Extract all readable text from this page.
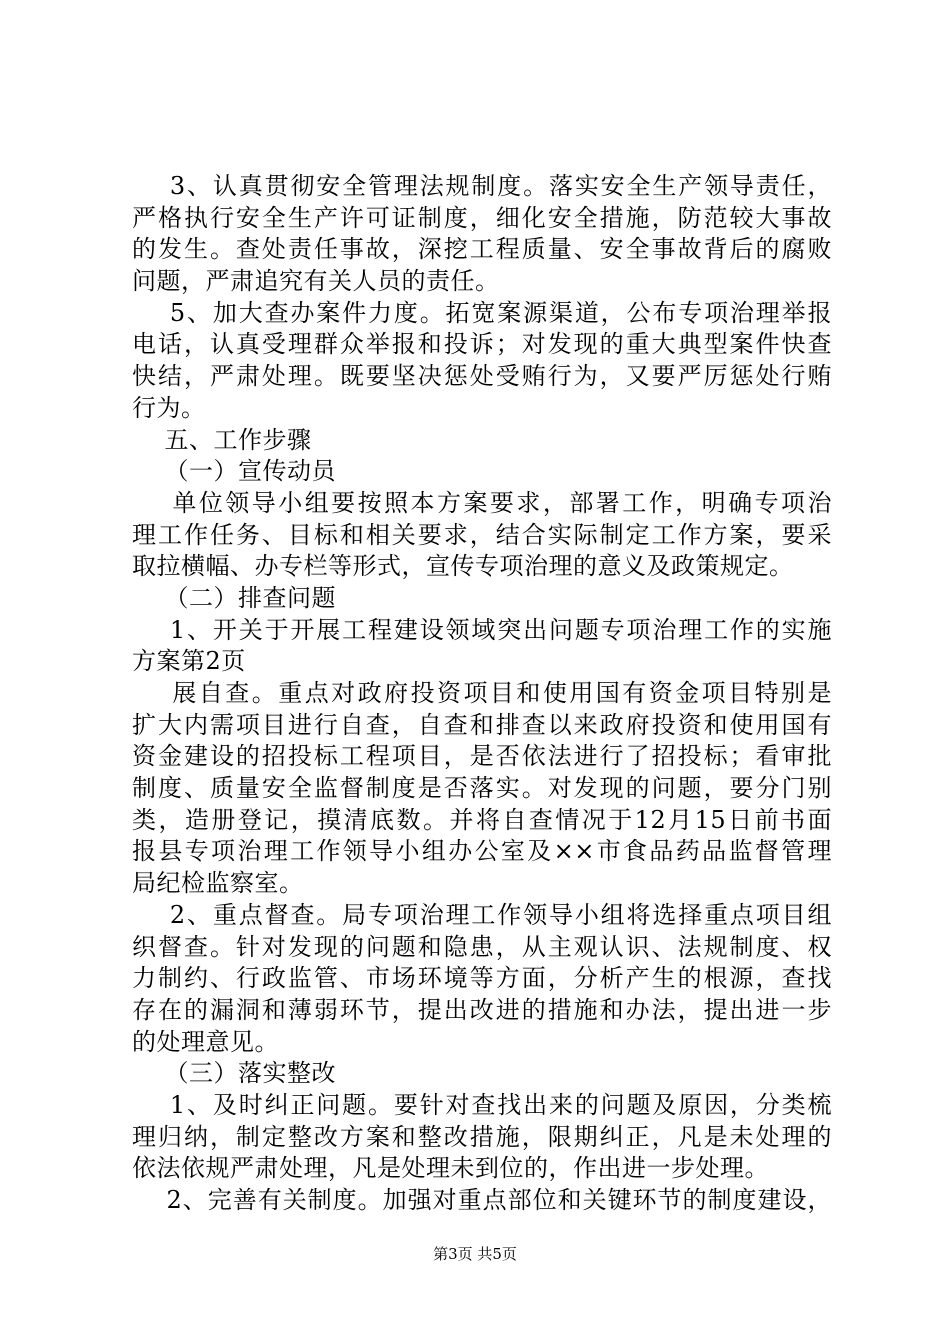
3、认真贯彻安全管理法规制度。落实安全生产领导责任，
严格执行安全生产许可证制度，细化安全措施，防范较大事故
的发生。查处责任事故，深挖工程质量、安全事故背后的腐败
问题，严肃追究有关人员的责任。
5、加大查办案件力度。拓宽案源渠道，公布专项治理举报
电话，认真受理群众举报和投诉；对发现的重大典型案件快查
快结，严肃处理。既要坚决惩处受贿行为，又要严厉惩处行贿
行为。
五、工作步骤
（一）宣传动员
单位领导小组要按照本方案要求，部署工作，明确专项治
理工作任务、目标和相关要求，结合实际制定工作方案，要采
取拉横幅、办专栏等形式，宣传专项治理的意义及政策规定。
（二）排查问题
1、开关于开展工程建设领域突出问题专项治理工作的实施
方案第2页
展自查。重点对政府投资项目和使用国有资金项目特别是
扩大内需项目进行自查，自查和排查以来政府投资和使用国有
资金建设的招投标工程项目，是否依法进行了招投标；看审批
制度、质量安全监督制度是否落实。对发现的问题，要分门别
类，造册登记，摸清底数。并将自查情况于12月15日前书面
报县专项治理工作领导小组办公室及××市食品药品监督管理
局纪检监察室。
2、重点督查。局专项治理工作领导小组将选择重点项目组
织督查。针对发现的问题和隐患，从主观认识、法规制度、权
力制约、行政监管、市场环境等方面，分析产生的根源，查找
存在的漏洞和薄弱环节，提出改进的措施和办法，提出进一步
的处理意见。
（三）落实整改
1、及时纠正问题。要针对查找出来的问题及原因，分类梳
理归纳，制定整改方案和整改措施，限期纠正，凡是未处理的
依法依规严肃处理，凡是处理未到位的，作出进一步处理。
2、完善有关制度。加强对重点部位和关键环节的制度建设，
第3页 共5页
